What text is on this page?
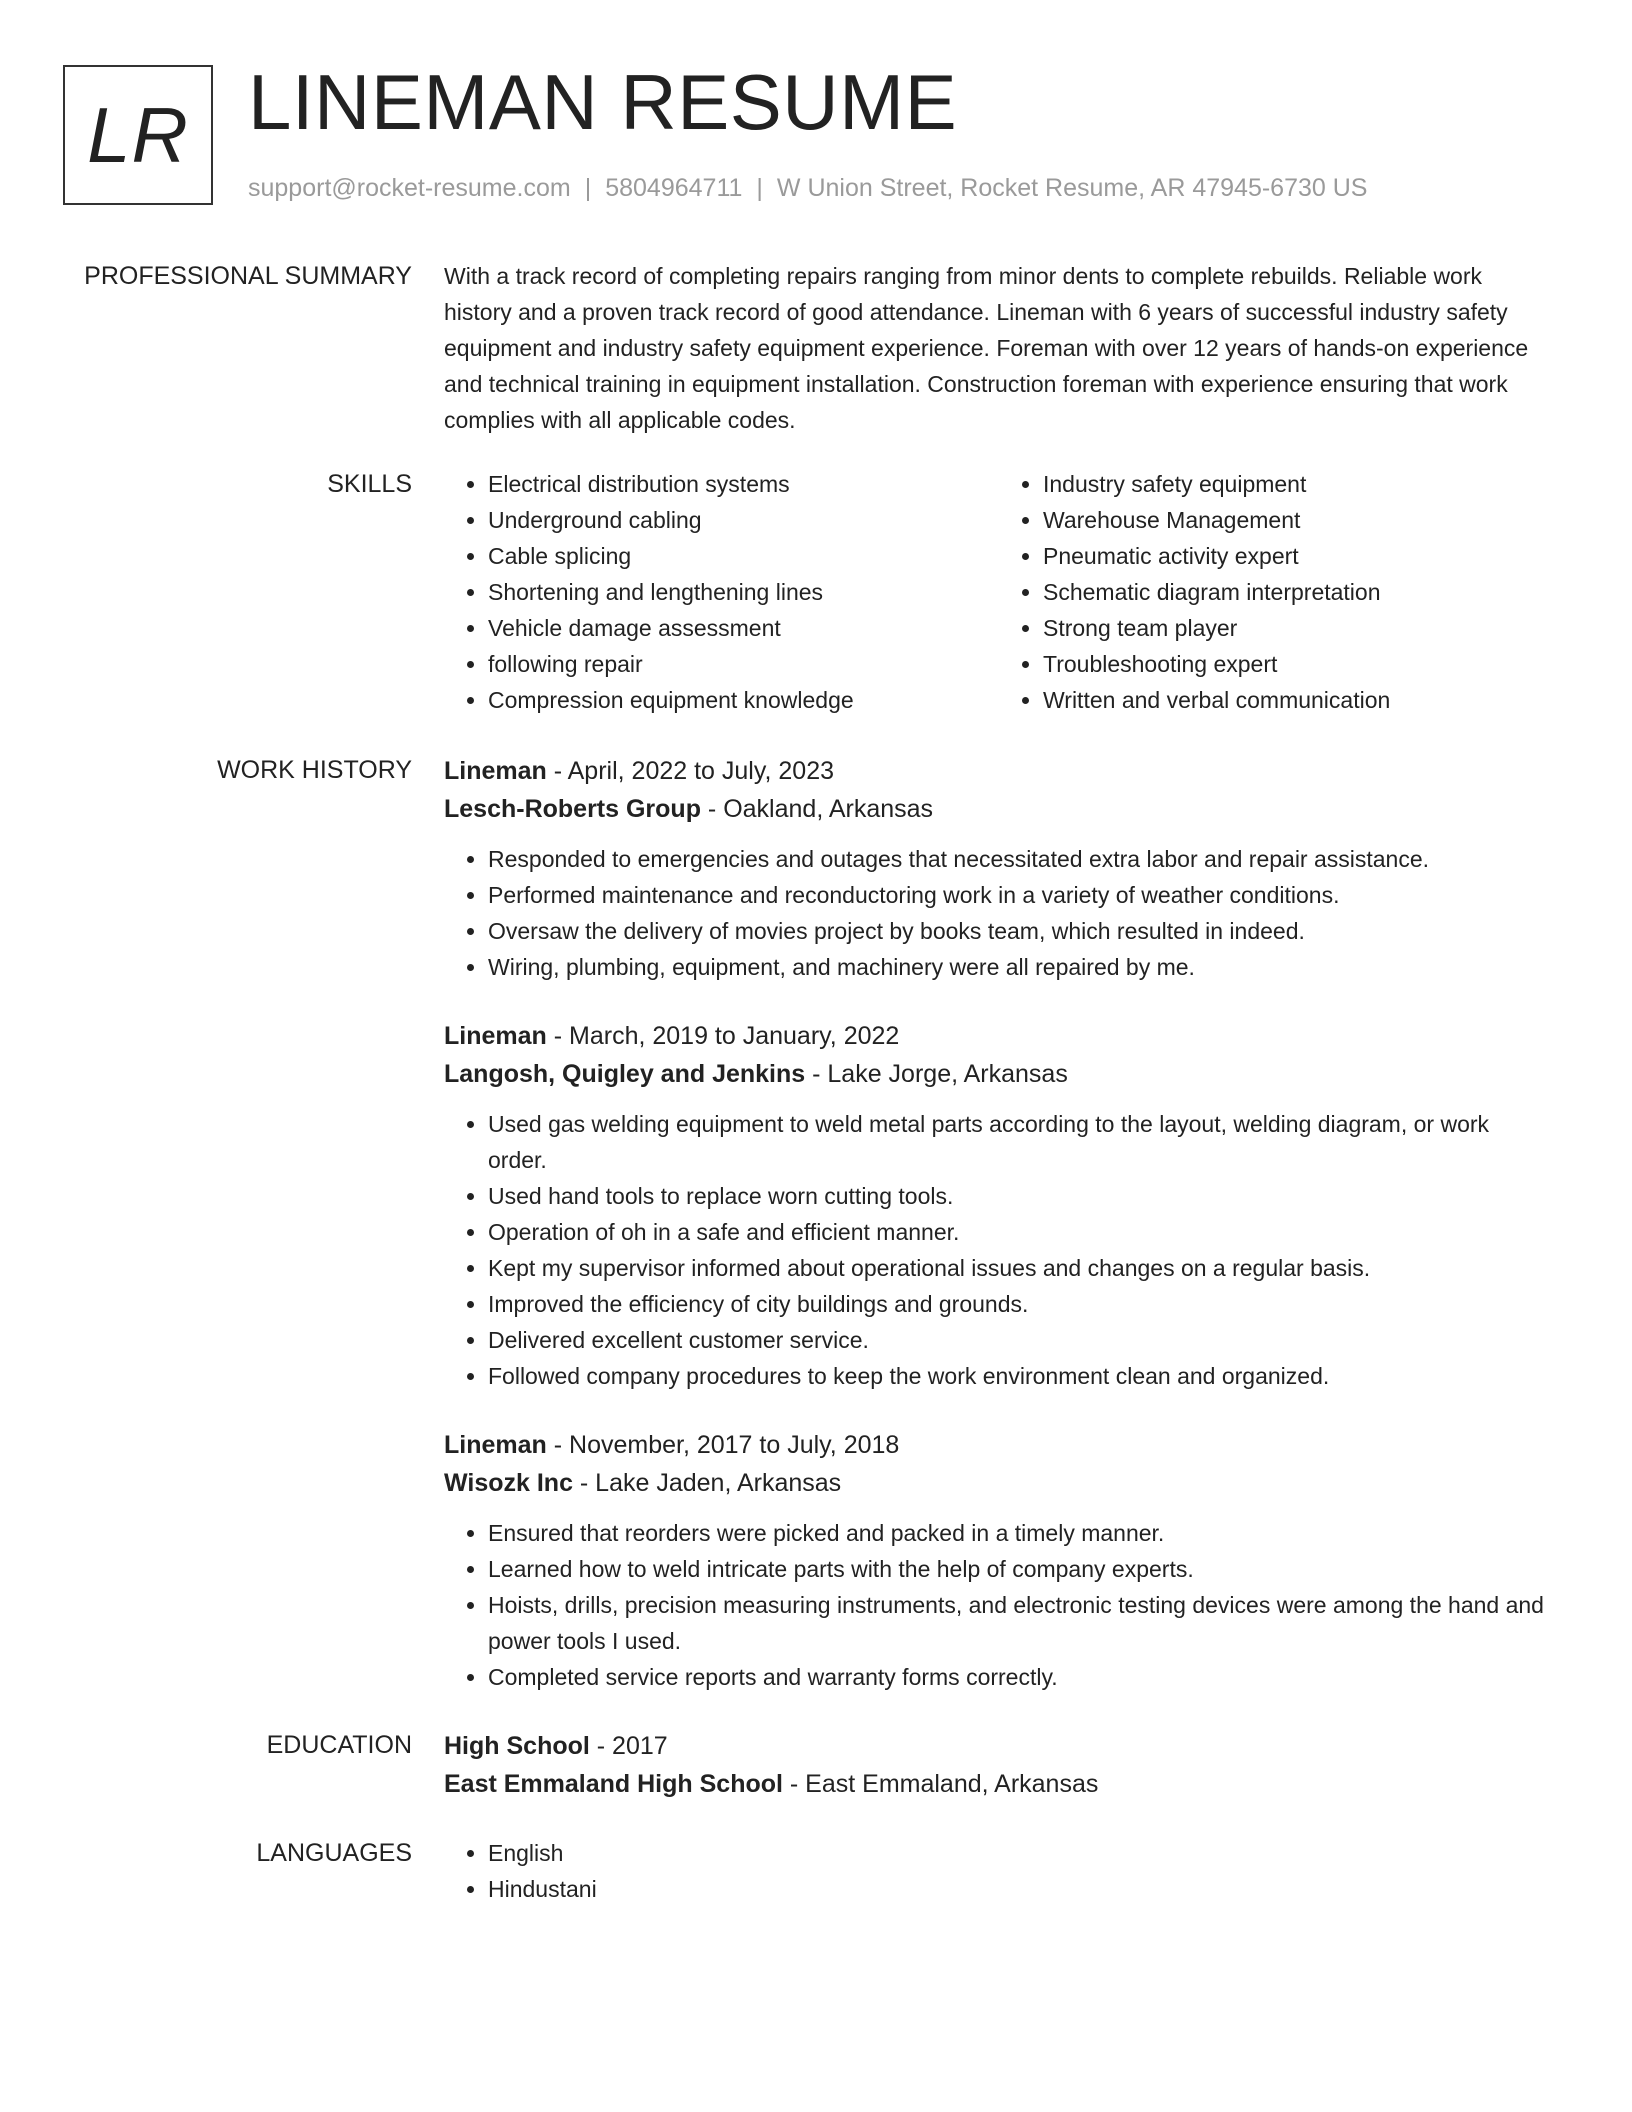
LR LINEMAN RESUME
support@rocket-resume.com | 5804964711 | W Union Street, Rocket Resume, AR 47945-6730 US
PROFESSIONAL SUMMARY With a track record of completing repairs ranging from minor dents to complete rebuilds. Reliable work history and a proven track record of good attendance. Lineman with 6 years of successful industry safety equipment and industry safety equipment experience. Foreman with over 12 years of hands-on experience and technical training in equipment installation. Construction foreman with experience ensuring that work complies with all applicable codes.

SKILLS	• Electrical distribution systems
• Underground cabling
• Cable splicing
• Shortening and lengthening lines
• Vehicle damage assessment
• following repair
• Compression equipment knowledge
• Industry safety equipment
• Warehouse Management
• Pneumatic activity expert
• Schematic diagram interpretation
• Strong team player
• Troubleshooting expert
• Written and verbal communication
WORK HISTORY Lineman - April, 2022 to July, 2023
Lesch-Roberts Group - Oakland, Arkansas
• Responded to emergencies and outages that necessitated extra labor and repair assistance.
• Performed maintenance and reconductoring work in a variety of weather conditions.
• Oversaw the delivery of movies project by books team, which resulted in indeed.
• Wiring, plumbing, equipment, and machinery were all repaired by me.
Lineman - March, 2019 to January, 2022
Langosh, Quigley and Jenkins - Lake Jorge, Arkansas
• Used gas welding equipment to weld metal parts according to the layout, welding diagram, or work order.
• Used hand tools to replace worn cutting tools.
• Operation of oh in a safe and efficient manner.
• Kept my supervisor informed about operational issues and changes on a regular basis.
• Improved the efficiency of city buildings and grounds.
• Delivered excellent customer service.
• Followed company procedures to keep the work environment clean and organized.
Lineman - November, 2017 to July, 2018
Wisozk Inc - Lake Jaden, Arkansas
• Ensured that reorders were picked and packed in a timely manner.
• Learned how to weld intricate parts with the help of company experts.
• Hoists, drills, precision measuring instruments, and electronic testing devices were among the hand and power tools I used.
• Completed service reports and warranty forms correctly.
EDUCATION High School - 2017
East Emmaland High School - East Emmaland, Arkansas
LANGUAGES	• English
• Hindustani
